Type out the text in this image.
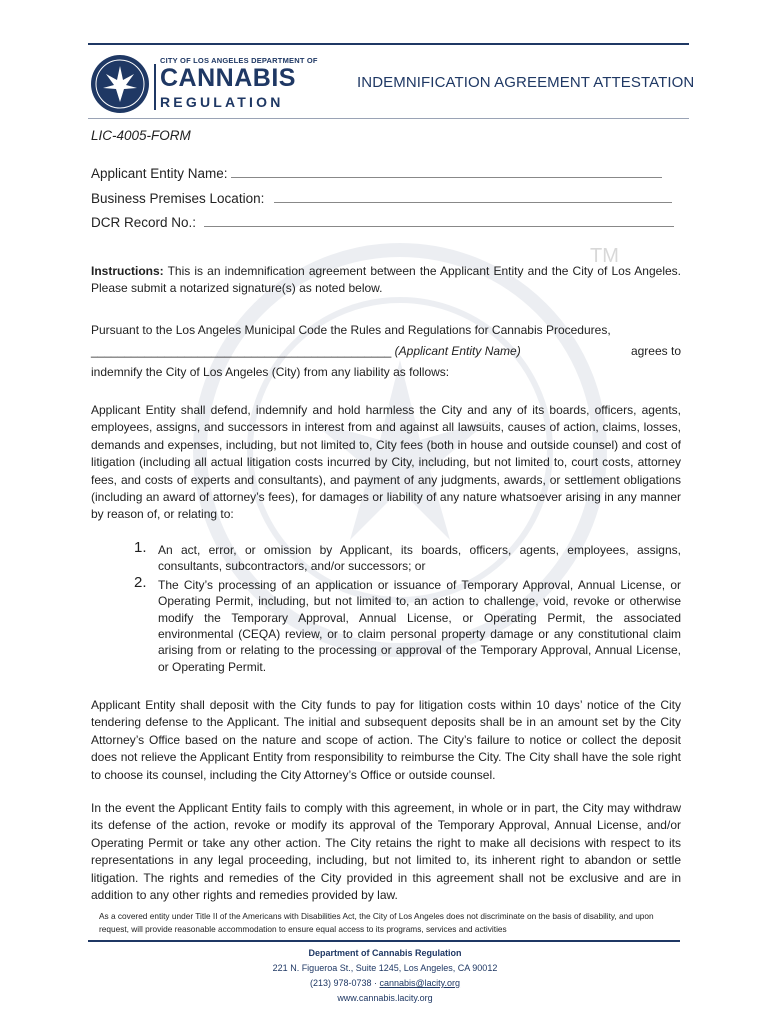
TM
CITY OF LOS ANGELES DEPARTMENT OF
CANNABIS
REGULATION
INDEMNIFICATION AGREEMENT ATTESTATION
LIC-4005-FORM
Applicant Entity Name:
Business Premises Location:
DCR Record No.:
Instructions: This is an indemnification agreement between the Applicant Entity and the City of Los Angeles. Please submit a notarized signature(s) as noted below.
Pursuant to the Los Angeles Municipal Code the Rules and Regulations for Cannabis Procedures,
_____________________________________________ (Applicant Entity Name)	agrees to
indemnify the City of Los Angeles (City) from any liability as follows:
Applicant Entity shall defend, indemnify and hold harmless the City and any of its boards, officers, agents, employees, assigns, and successors in interest from and against all lawsuits, causes of action, claims, losses, demands and expenses, including, but not limited to, City fees (both in house and outside counsel) and cost of litigation (including all actual litigation costs incurred by City, including, but not limited to, court costs, attorney fees, and costs of experts and consultants), and payment of any judgments, awards, or settlement obligations (including an award of attorney’s fees), for damages or liability of any nature whatsoever arising in any manner by reason of, or relating to:
1. An act, error, or omission by Applicant, its boards, officers, agents, employees, assigns, consultants, subcontractors, and/or successors; or
2. The City’s processing of an application or issuance of Temporary Approval, Annual License, or Operating Permit, including, but not limited to, an action to challenge, void, revoke or otherwise modify the Temporary Approval, Annual License, or Operating Permit, the associated environmental (CEQA) review, or to claim personal property damage or any constitutional claim arising from or relating to the processing or approval of the Temporary Approval, Annual License, or Operating Permit.
Applicant Entity shall deposit with the City funds to pay for litigation costs within 10 days’ notice of the City tendering defense to the Applicant. The initial and subsequent deposits shall be in an amount set by the City Attorney’s Office based on the nature and scope of action. The City’s failure to notice or collect the deposit does not relieve the Applicant Entity from responsibility to reimburse the City. The City shall have the sole right to choose its counsel, including the City Attorney’s Office or outside counsel.
In the event the Applicant Entity fails to comply with this agreement, in whole or in part, the City may withdraw its defense of the action, revoke or modify its approval of the Temporary Approval, Annual License, and/or Operating Permit or take any other action. The City retains the right to make all decisions with respect to its representations in any legal proceeding, including, but not limited to, its inherent right to abandon or settle litigation. The rights and remedies of the City provided in this agreement shall not be exclusive and are in addition to any other rights and remedies provided by law.
As a covered entity under Title II of the Americans with Disabilities Act, the City of Los Angeles does not discriminate on the basis of disability, and upon request, will provide reasonable accommodation to ensure equal access to its programs, services and activities
Department of Cannabis Regulation
221 N. Figueroa St., Suite 1245, Los Angeles, CA 90012
(213) 978-0738 · cannabis@lacity.org
www.cannabis.lacity.org
